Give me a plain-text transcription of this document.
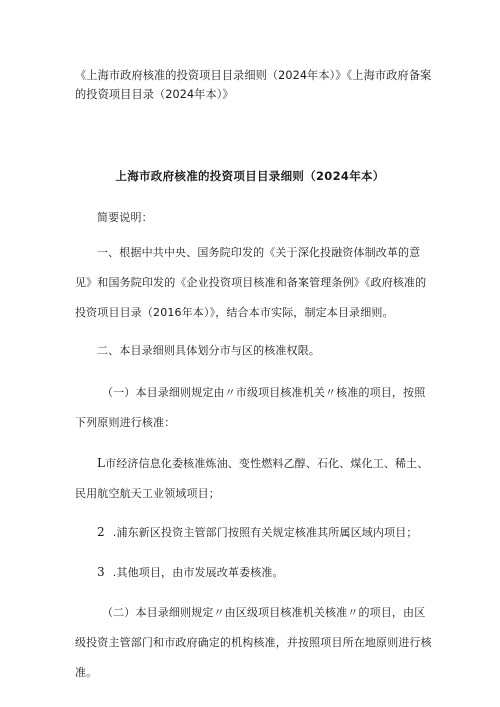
《上海市政府核准的投资项目目录细则（2024年本）》《上海市政府备案的投资项目目录（2024年本）》
上海市政府核准的投资项目目录细则（2024年本）
简要说明：
一、根据中共中央、国务院印发的《关于深化投融资体制改革的意见》和国务院印发的《企业投资项目核准和备案管理条例》《政府核准的投资项目目录（2016年本）》，结合本市实际，制定本目录细则。
二、本目录细则具体划分市与区的核准权限。
（一）本目录细则规定由〃市级项目核准机关〃核准的项目，按照下列原则进行核准：
L市经济信息化委核准炼油、变性燃料乙醇、石化、煤化工、稀土、民用航空航天工业领域项目；
2 .浦东新区投资主管部门按照有关规定核准其所属区域内项目；
3 .其他项目，由市发展改革委核准。
（二）本目录细则规定〃由区级项目核准机关核准〃的项目，由区级投资主管部门和市政府确定的机构核准，并按照项目所在地原则进行核准。
